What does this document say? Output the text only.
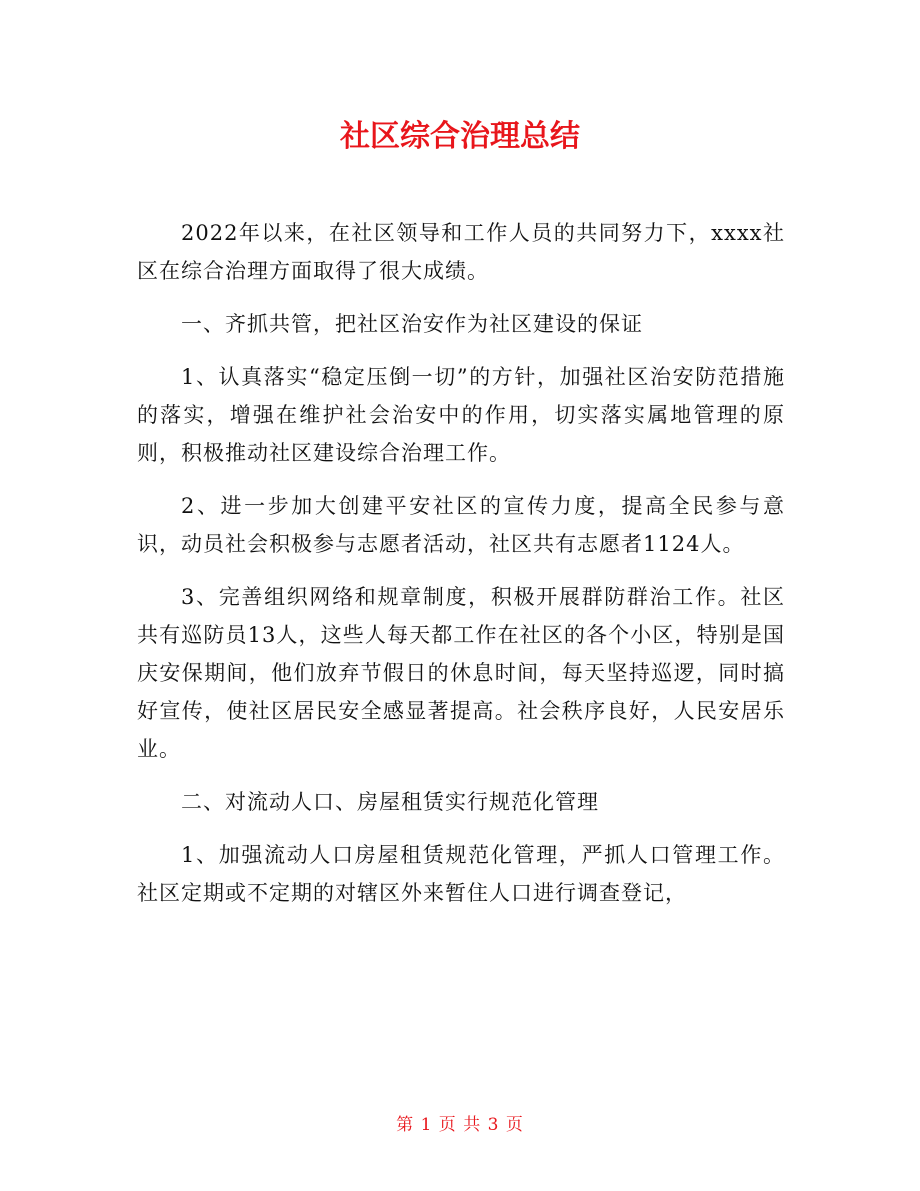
社区综合治理总结

2022年以来，在社区领导和工作人员的共同努力下，xxxx社区在综合治理方面取得了很大成绩。

一、齐抓共管，把社区治安作为社区建设的保证

1、认真落实“稳定压倒一切”的方针，加强社区治安防范措施的落实，增强在维护社会治安中的作用，切实落实属地管理的原则，积极推动社区建设综合治理工作。

2、进一步加大创建平安社区的宣传力度，提高全民参与意识，动员社会积极参与志愿者活动，社区共有志愿者1124人。

3、完善组织网络和规章制度，积极开展群防群治工作。社区共有巡防员13人，这些人每天都工作在社区的各个小区，特别是国庆安保期间，他们放弃节假日的休息时间，每天坚持巡逻，同时搞好宣传，使社区居民安全感显著提高。社会秩序良好，人民安居乐业。

二、对流动人口、房屋租赁实行规范化管理

1、加强流动人口房屋租赁规范化管理，严抓人口管理工作。社区定期或不定期的对辖区外来暂住人口进行调查登记，

第 1 页 共 3 页
